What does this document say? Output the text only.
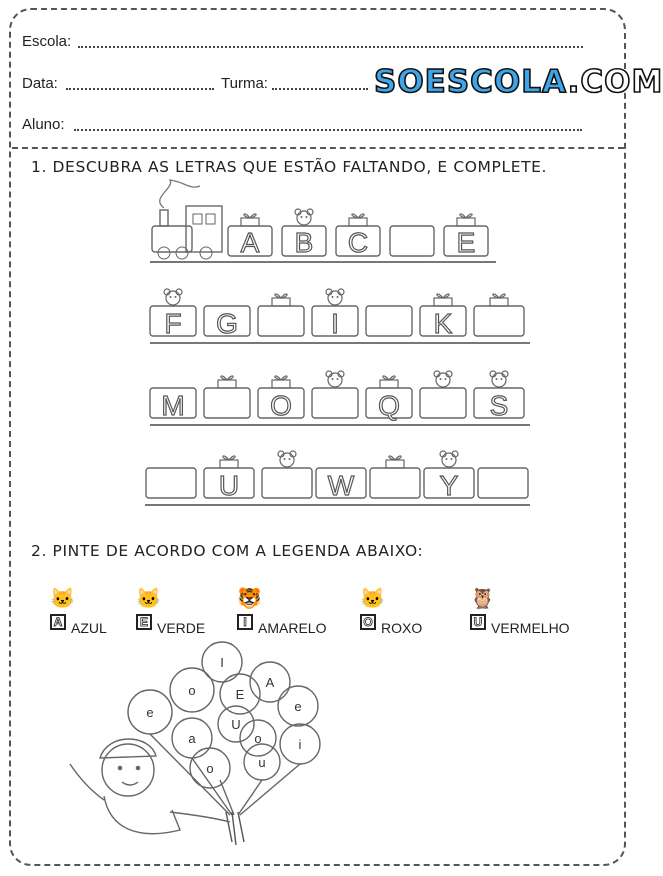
Escola:
Data:	Turma:	SOESCOLA.COM
Aluno:
1. DESCUBRA AS LETRAS QUE ESTÃO FALTANDO, E COMPLETE.
A B C	E
F G	I	K
M	O	Q	S
U	W	Y
I
o	E
A
e
U
e
a	o	i
o	u
2. PINTE DE ACORDO COM A LEGENDA ABAIXO:
🐱
A AZUL
🐱
E VERDE
🐯
I AMARELO
🐱
O ROXO
🦉
U VERMELHO
